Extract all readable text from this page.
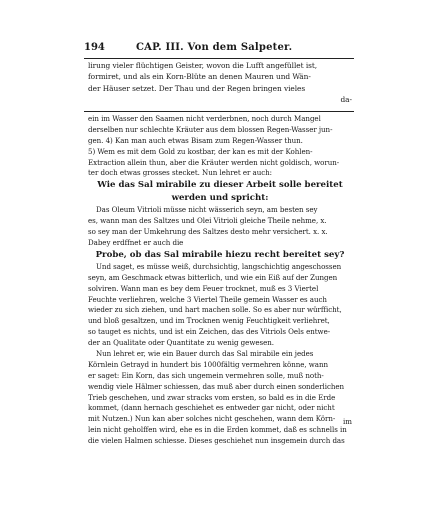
194	CAP. III. Von dem Salpeter.
lirung vieler flüchtigen Geister, wovon die Lufft angefüllet ist,
formiret, und als ein Korn-Blüte an denen Mauren und Wän-
der Häuser setzet. Der Thau und der Regen bringen vieles
da-
ein im Wasser den Saamen nicht verderbnen, noch durch Mangel
derselben nur schlechte Kräuter aus dem blossen Regen-Wasser jun-
gen. 4) Kan man auch etwas Bisam zum Regen-Wasser thun.
5) Wem es mit dem Gold zu kostbar, der kan es mit der Kohlen-
Extraction allein thun, aber die Kräuter werden nicht goldisch, worun-
ter doch etwas grosses stecket. Nun lehret er auch:
Wie das Sal mirabile zu dieser Arbeit solle bereitet
werden und spricht:
Das Oleum Vitrioli müsse nicht wässerich seyn, am besten sey
es, wann man des Saltzes und Olei Vitrioli gleiche Theile nehme, x.
so sey man der Umkehrung des Saltzes desto mehr versichert. x. x.
Dabey erdffnet er auch die
Probe, ob das Sal mirabile hiezu recht bereitet sey?
Und saget, es müsse weiß, durchsichtig, langschichtig angeschossen
seyn, am Geschmack etwas bitterlich, und wie ein Eiß auf der Zungen
solviren. Wann man es bey dem Feuer trocknet, muß es 3 Viertel
Feuchte verliehren, welche 3 Viertel Theile gemein Wasser es auch
wieder zu sich ziehen, und hart machen solle. So es aber nur würfficht,
und bloß gesaltzen, und im Trocknen wenig Feuchtigkeit verliehret,
so tauget es nichts, und ist ein Zeichen, das des Vitriols Oels entwe-
der an Qualitate oder Quantitate zu wenig gewesen.
Nun lehret er, wie ein Bauer durch das Sal mirabile ein jedes
Körnlein Getrayd in hundert bis 1000fältig vermehren könne, wann
er saget: Ein Korn, das sich ungemein vermehren solle, muß noth-
wendig viele Hälmer schiessen, das muß aber durch einen sonderlichen
Trieb geschehen, und zwar stracks vom ersten, so bald es in die Erde
kommet, (dann hernach geschiehet es entweder gar nicht, oder nicht
mit Nutzen.) Nun kan aber solches nicht geschehen, wann dem Körn-
lein nicht geholffen wird, ehe es in die Erden kommet, daß es schnells in
die vielen Halmen schiesse. Dieses geschiehet nun insgemein durch das
im
